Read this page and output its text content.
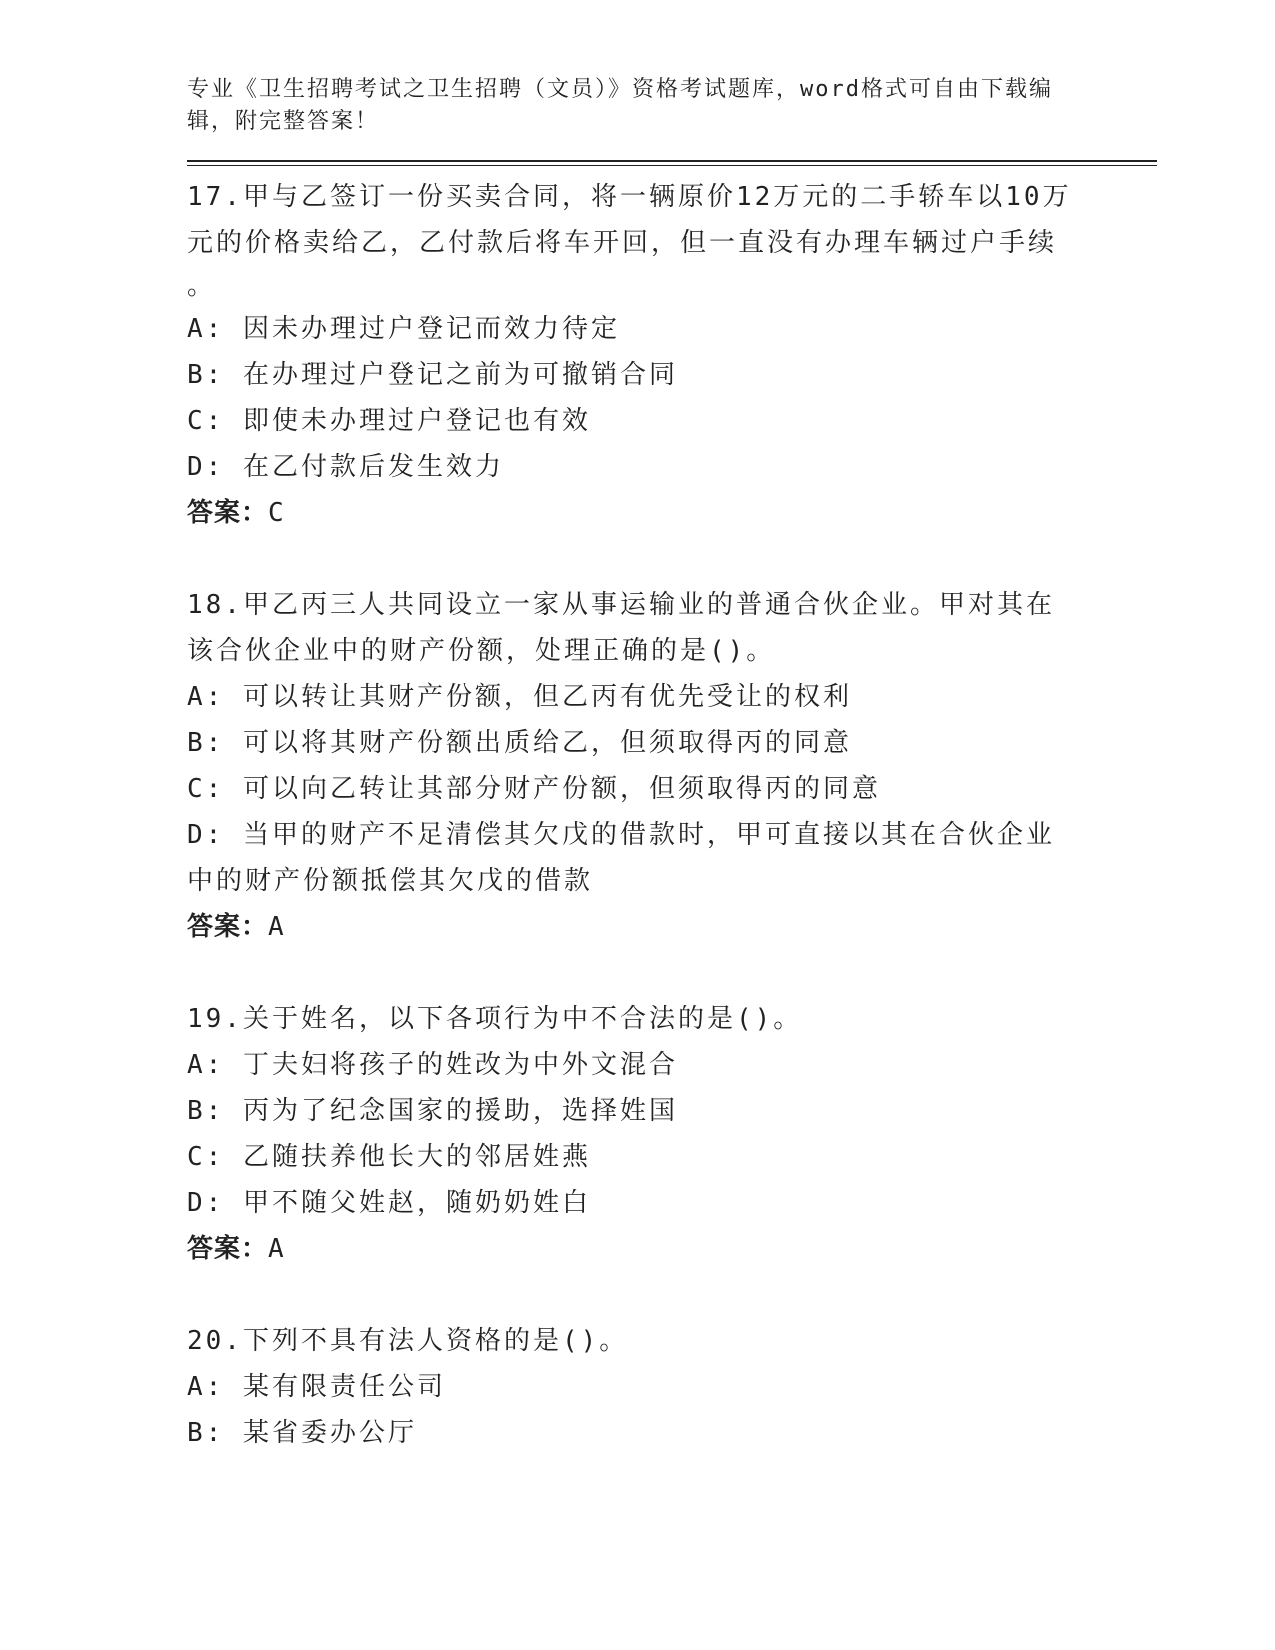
专业《卫生招聘考试之卫生招聘（文员）》资格考试题库，word格式可自由下载编辑，附完整答案！
17.甲与乙签订一份买卖合同，将一辆原价12万元的二手轿车以10万元的价格卖给乙，乙付款后将车开回，但一直没有办理车辆过户手续
。
A: 因未办理过户登记而效力待定
B: 在办理过户登记之前为可撤销合同
C: 即使未办理过户登记也有效
D: 在乙付款后发生效力
答案：C
18.甲乙丙三人共同设立一家从事运输业的普通合伙企业。甲对其在该合伙企业中的财产份额，处理正确的是()。
A: 可以转让其财产份额，但乙丙有优先受让的权利
B: 可以将其财产份额出质给乙，但须取得丙的同意
C: 可以向乙转让其部分财产份额，但须取得丙的同意
D: 当甲的财产不足清偿其欠戊的借款时，甲可直接以其在合伙企业中的财产份额抵偿其欠戊的借款
答案：A
19.关于姓名，以下各项行为中不合法的是()。
A: 丁夫妇将孩子的姓改为中外文混合
B: 丙为了纪念国家的援助，选择姓国
C: 乙随扶养他长大的邻居姓燕
D: 甲不随父姓赵，随奶奶姓白
答案：A
20.下列不具有法人资格的是()。
A: 某有限责任公司
B: 某省委办公厅
